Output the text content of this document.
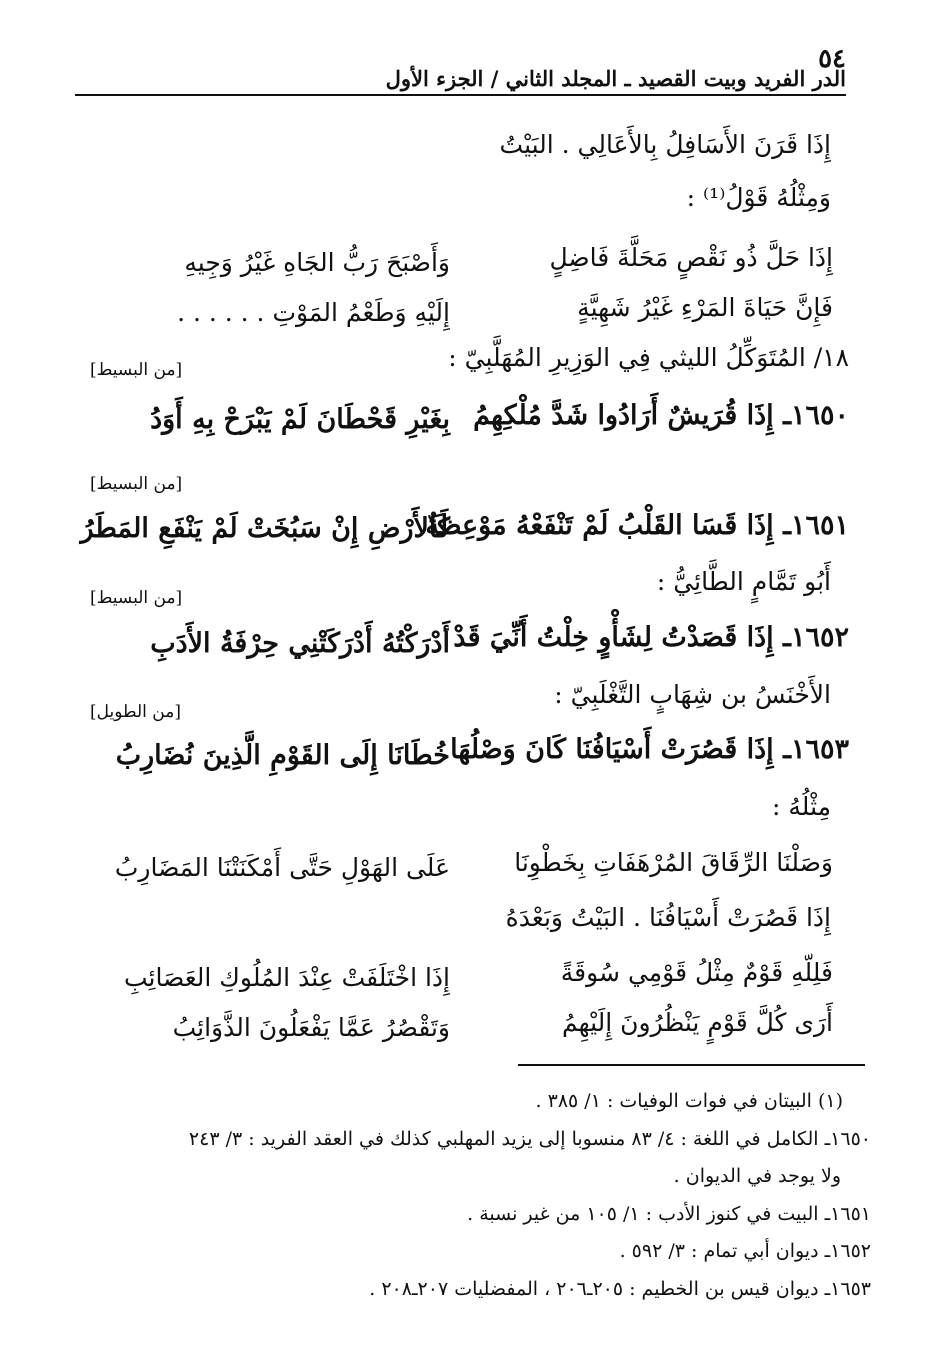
٥٤
الدر الفريد وبيت القصيد ـ المجلد الثاني / الجزء الأول
إِذَا قَرَنَ الأَسَافِلُ بِالأَعَالِي . البَيْتُ
وَمِثْلُهُ قَوْلُ⁽¹⁾ :
إِذَا حَلَّ ذُو نَقْصٍ مَحَلَّةَ فَاضِلٍ
وَأَصْبَحَ رَبُّ الجَاهِ غَيْرُ وَجِيهِ
فَإِنَّ حَيَاةَ المَرْءِ غَيْرُ شَهِيَّةٍ
إِلَيْهِ وَطَعْمُ المَوْتِ . . . . . .
١٨/ المُتَوَكِّلُ الليثي فِي الوَزِيرِ المُهَلَّبِيّ :
[من البسيط]
١٦٥٠ـ إِذَا قُرَيشٌ أَرَادُوا شَدَّ مُلْكِهِمُ
بِغَيْرِ قَحْطَانَ لَمْ يَبْرَحْ بِهِ أَوَدُ
[من البسيط]
١٦٥١ـ إِذَا قَسَا القَلْبُ لَمْ تَنْفَعْهُ مَوْعِظَةٌ
كَالأَرْضِ إِنْ سَبُخَتْ لَمْ يَنْفَعِ المَطَرُ
أَبُو تَمَّامٍ الطَّائِيُّ :
[من البسيط]
١٦٥٢ـ إِذَا قَصَدْتُ لِشَأْوٍ خِلْتُ أَنِّيَ قَدْ
أَدْرَكْتُهُ أَدْرَكَتْنِي حِرْفَةُ الأَدَبِ
الأَخْنَسُ بن شِهَابٍ التَّغْلَبِيّ :
[من الطويل]
١٦٥٣ـ إِذَا قَصُرَتْ أَسْيَافُنَا كَانَ وَصْلُهَا
خُطَانَا إِلَى القَوْمِ الَّذِينَ نُضَارِبُ
مِثْلُهُ :
وَصَلْنَا الرِّقَاقَ المُرْهَفَاتِ بِخَطْوِنَا
عَلَى الهَوْلِ حَتَّى أَمْكَنَتْنَا المَضَارِبُ
إِذَا قَصُرَتْ أَسْيَافُنَا . البَيْتُ وَبَعْدَهُ
فَلِلّهِ قَوْمٌ مِثْلُ قَوْمِي سُوقَةً
إِذَا اخْتَلَفَتْ عِنْدَ المُلُوكِ العَصَائِبِ
أَرَى كُلَّ قَوْمٍ يَنْظُرُونَ إِلَيْهِمُ
وَتَقْصُرُ عَمَّا يَفْعَلُونَ الذَّوَائِبُ
(١) البيتان في فوات الوفيات : ١/ ٣٨٥ .
١٦٥٠ـ الكامل في اللغة : ٤/ ٨٣ منسوبا إلى يزيد المهلبي كذلك في العقد الفريد : ٣/ ٢٤٣
ولا يوجد في الديوان .
١٦٥١ـ البيت في كنوز الأدب : ١/ ١٠٥ من غير نسبة .
١٦٥٢ـ ديوان أبي تمام : ٣/ ٥٩٢ .
١٦٥٣ـ ديوان قيس بن الخطيم : ٢٠٥ـ٢٠٦ ، المفضليات ٢٠٧ـ٢٠٨ .
